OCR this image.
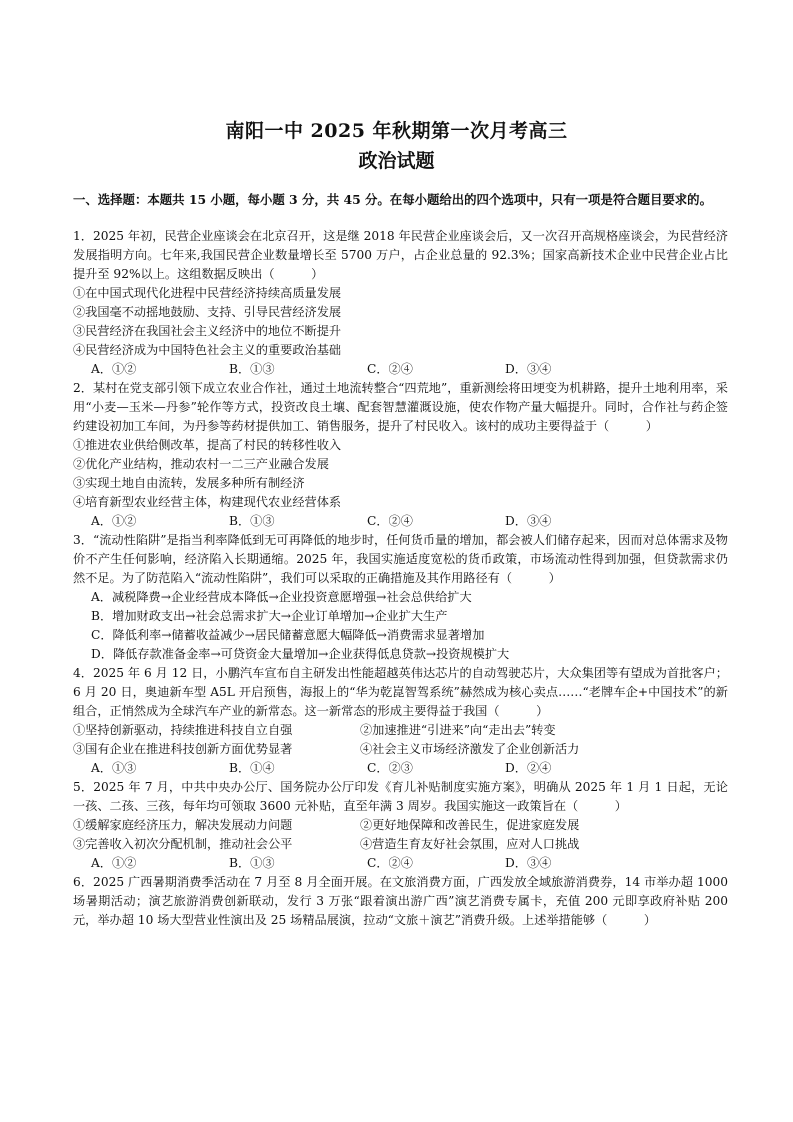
南阳一中 2025 年秋期第一次月考高三
政治试题
一、选择题：本题共 15 小题，每小题 3 分，共 45 分。在每小题给出的四个选项中，只有一项是符合题目要求的。

1．2025 年初，民营企业座谈会在北京召开，这是继 2018 年民营企业座谈会后，又一次召开高规格座谈会，为民营经济发展指明方向。七年来,我国民营企业数量增长至 5700 万户，占企业总量的 92.3%；国家高新技术企业中民营企业占比提升至 92%以上。这组数据反映出（　　　）

①在中国式现代化进程中民营经济持续高质量发展

②我国毫不动摇地鼓励、支持、引导民营经济发展

③民营经济在我国社会主义经济中的地位不断提升

④民营经济成为中国特色社会主义的重要政治基础

A．①②	B．①③	C．②④	D．③④

2．某村在党支部引领下成立农业合作社，通过土地流转整合“四荒地”，重新测绘将田埂变为机耕路，提升土地利用率，采用“小麦—玉米—丹参”轮作等方式，投资改良土壤、配套智慧灌溉设施，使农作物产量大幅提升。同时，合作社与药企签约建设初加工车间，为丹参等药材提供加工、销售服务，提升了村民收入。该村的成功主要得益于（　　　）

①推进农业供给侧改革，提高了村民的转移性收入

②优化产业结构，推动农村一二三产业融合发展

③实现土地自由流转，发展多种所有制经济

④培育新型农业经营主体，构建现代农业经营体系

A．①②	B．①③	C．②④	D．③④

3．“流动性陷阱”是指当利率降低到无可再降低的地步时，任何货币量的增加，都会被人们储存起来，因而对总体需求及物价不产生任何影响，经济陷入长期通缩。2025 年，我国实施适度宽松的货币政策，市场流动性得到加强，但贷款需求仍然不足。为了防范陷入“流动性陷阱”，我们可以采取的正确措施及其作用路径有（　　　）

A．减税降费→企业经营成本降低→企业投资意愿增强→社会总供给扩大

B．增加财政支出→社会总需求扩大→企业订单增加→企业扩大生产

C．降低利率→储蓄收益减少→居民储蓄意愿大幅降低→消费需求显著增加

D．降低存款准备金率→可贷资金大量增加→企业获得低息贷款→投资规模扩大

4．2025 年 6 月 12 日，小鹏汽车宣布自主研发出性能超越英伟达芯片的自动驾驶芯片，大众集团等有望成为首批客户；6 月 20 日，奥迪新车型 A5L 开启预售，海报上的“华为乾崑智驾系统”赫然成为核心卖点……“老牌车企+中国技术”的新组合，正悄然成为全球汽车产业的新常态。这一新常态的形成主要得益于我国（　　　）

①坚持创新驱动，持续推进科技自立自强	②加速推进“引进来”向“走出去”转变
③国有企业在推进科技创新方面优势显著	④社会主义市场经济激发了企业创新活力
A．①③	B．①④	C．②③	D．②④

5．2025 年 7 月，中共中央办公厅、国务院办公厅印发《育儿补贴制度实施方案》，明确从 2025 年 1 月 1 日起，无论一孩、二孩、三孩，每年均可领取 3600 元补贴，直至年满 3 周岁。我国实施这一政策旨在（　　　）

①缓解家庭经济压力，解决发展动力问题	②更好地保障和改善民生，促进家庭发展
③完善收入初次分配机制，推动社会公平	④营造生育友好社会氛围，应对人口挑战
A．①②	B．①③	C．②④	D．③④

6．2025 广西暑期消费季活动在 7 月至 8 月全面开展。在文旅消费方面，广西发放全域旅游消费券，14 市举办超 1000 场暑期活动；演艺旅游消费创新联动，发行 3 万张“跟着演出游广西”演艺消费专属卡，充值 200 元即享政府补贴 200 元，举办超 10 场大型营业性演出及 25 场精品展演，拉动“文旅＋演艺”消费升级。上述举措能够（　　　）
